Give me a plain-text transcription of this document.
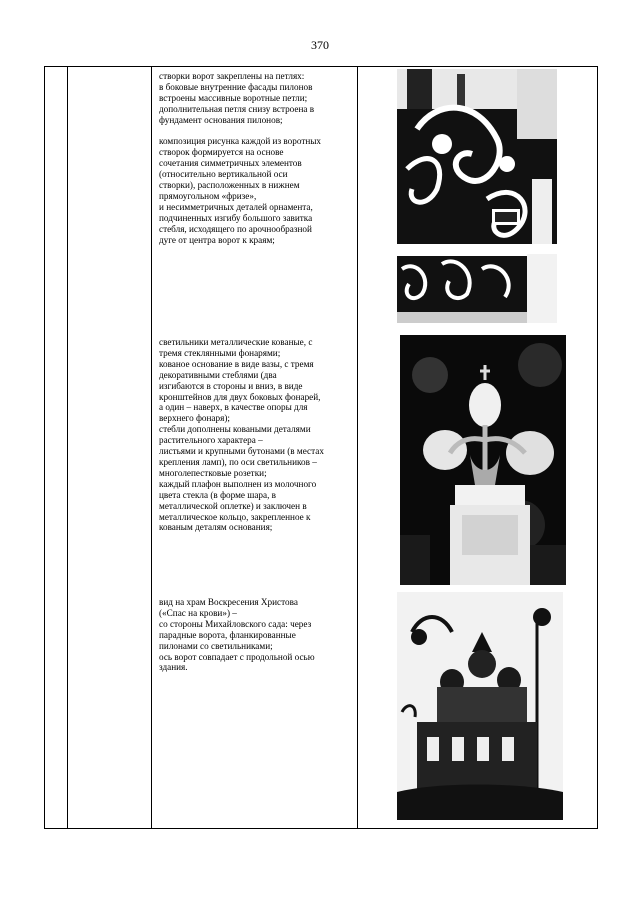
370

створки ворот закреплены на петлях:

в боковые внутренние фасады пилонов

встроены массивные воротные петли;

дополнительная петля снизу встроена в

фундамент основания пилонов;

композиция рисунка каждой из воротных

створок формируется на основе

сочетания симметричных элементов

(относительно вертикальной оси

створки), расположенных в нижнем

прямоугольном «фризе»,

и несимметричных деталей орнамента,

подчиненных изгибу большого завитка

стебля, исходящего по арочнообразной

дуге от центра ворот к краям;

светильники металлические кованые, с

тремя стеклянными фонарями;

кованое основание в виде вазы, с тремя

декоративными стеблями (два

изгибаются в стороны и вниз, в виде

кронштейнов для двух боковых фонарей,

а один – наверх, в качестве опоры для

верхнего фонаря);

стебли дополнены коваными деталями

растительного характера –

листьями и крупными бутонами (в местах

крепления ламп), по оси светильников –

многолепестковые розетки;

каждый плафон выполнен из молочного

цвета стекла (в форме шара, в

металлической оплетке) и заключен в

металлическое кольцо, закрепленное к

кованым деталям основания;

вид на храм Воскресения Христова

(«Спас на крови») –

со стороны Михайловского сада: через

парадные ворота, фланкированные

пилонами со светильниками;

ось ворот совпадает с продольной осью

здания.
